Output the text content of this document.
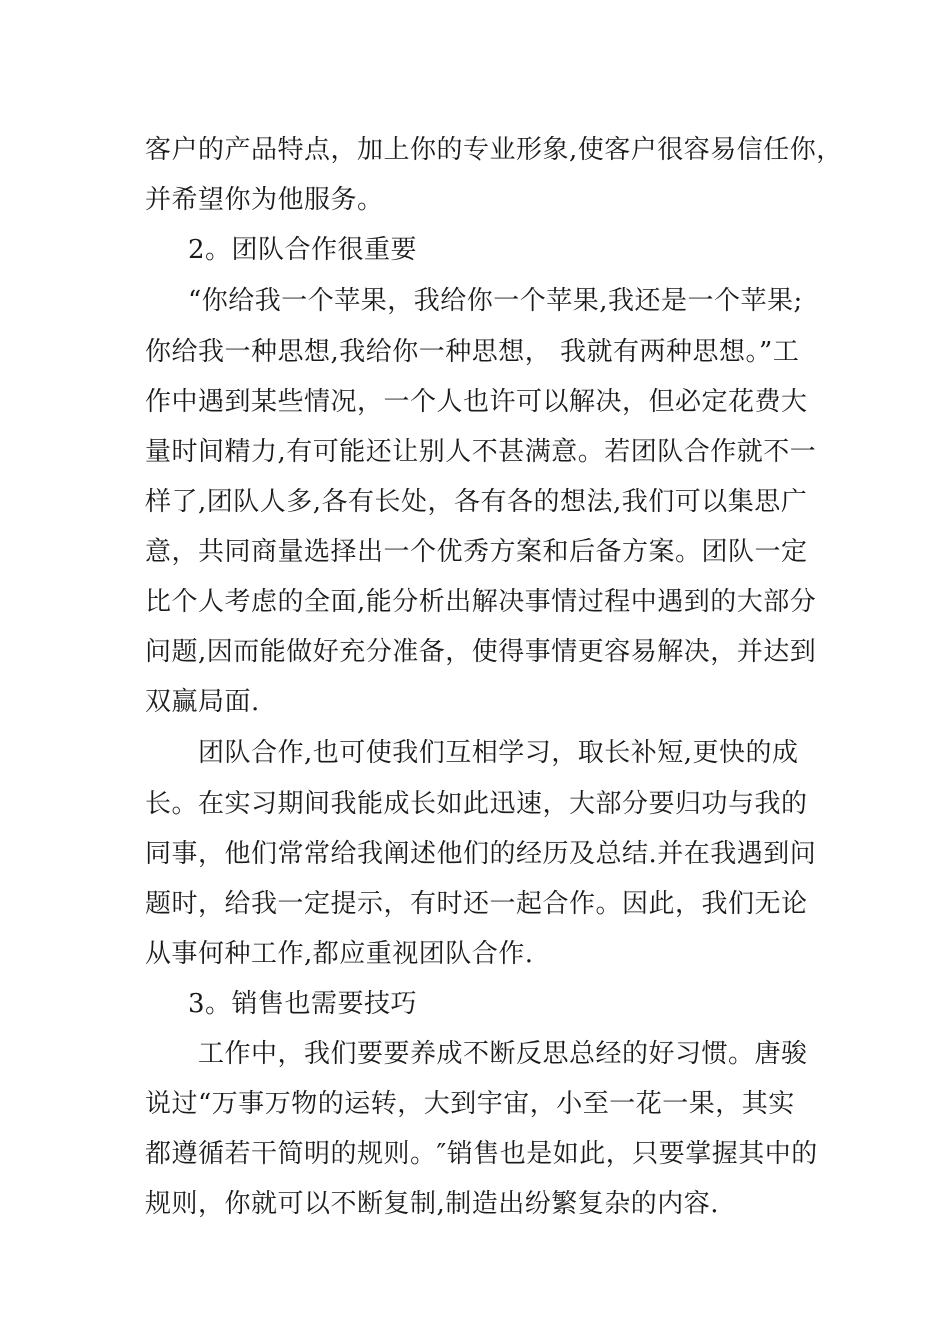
客户的产品特点，加上你的专业形象,使客户很容易信任你，
并希望你为他服务。
2。团队合作很重要
“你给我一个苹果，我给你一个苹果,我还是一个苹果;
你给我一种思想,我给你一种思想， 我就有两种思想。”工
作中遇到某些情况，一个人也许可以解决，但必定花费大
量时间精力,有可能还让别人不甚满意。若团队合作就不一
样了,团队人多,各有长处，各有各的想法,我们可以集思广
意，共同商量选择出一个优秀方案和后备方案。团队一定
比个人考虑的全面,能分析出解决事情过程中遇到的大部分
问题,因而能做好充分准备，使得事情更容易解决，并达到
双赢局面.
团队合作,也可使我们互相学习，取长补短,更快的成
长。在实习期间我能成长如此迅速，大部分要归功与我的
同事，他们常常给我阐述他们的经历及总结.并在我遇到问
题时，给我一定提示，有时还一起合作。因此，我们无论
从事何种工作,都应重视团队合作.
3。销售也需要技巧
工作中，我们要要养成不断反思总经的好习惯。唐骏
说过“万事万物的运转，大到宇宙，小至一花一果，其实
都遵循若干简明的规则。″销售也是如此，只要掌握其中的
规则，你就可以不断复制,制造出纷繁复杂的内容.
